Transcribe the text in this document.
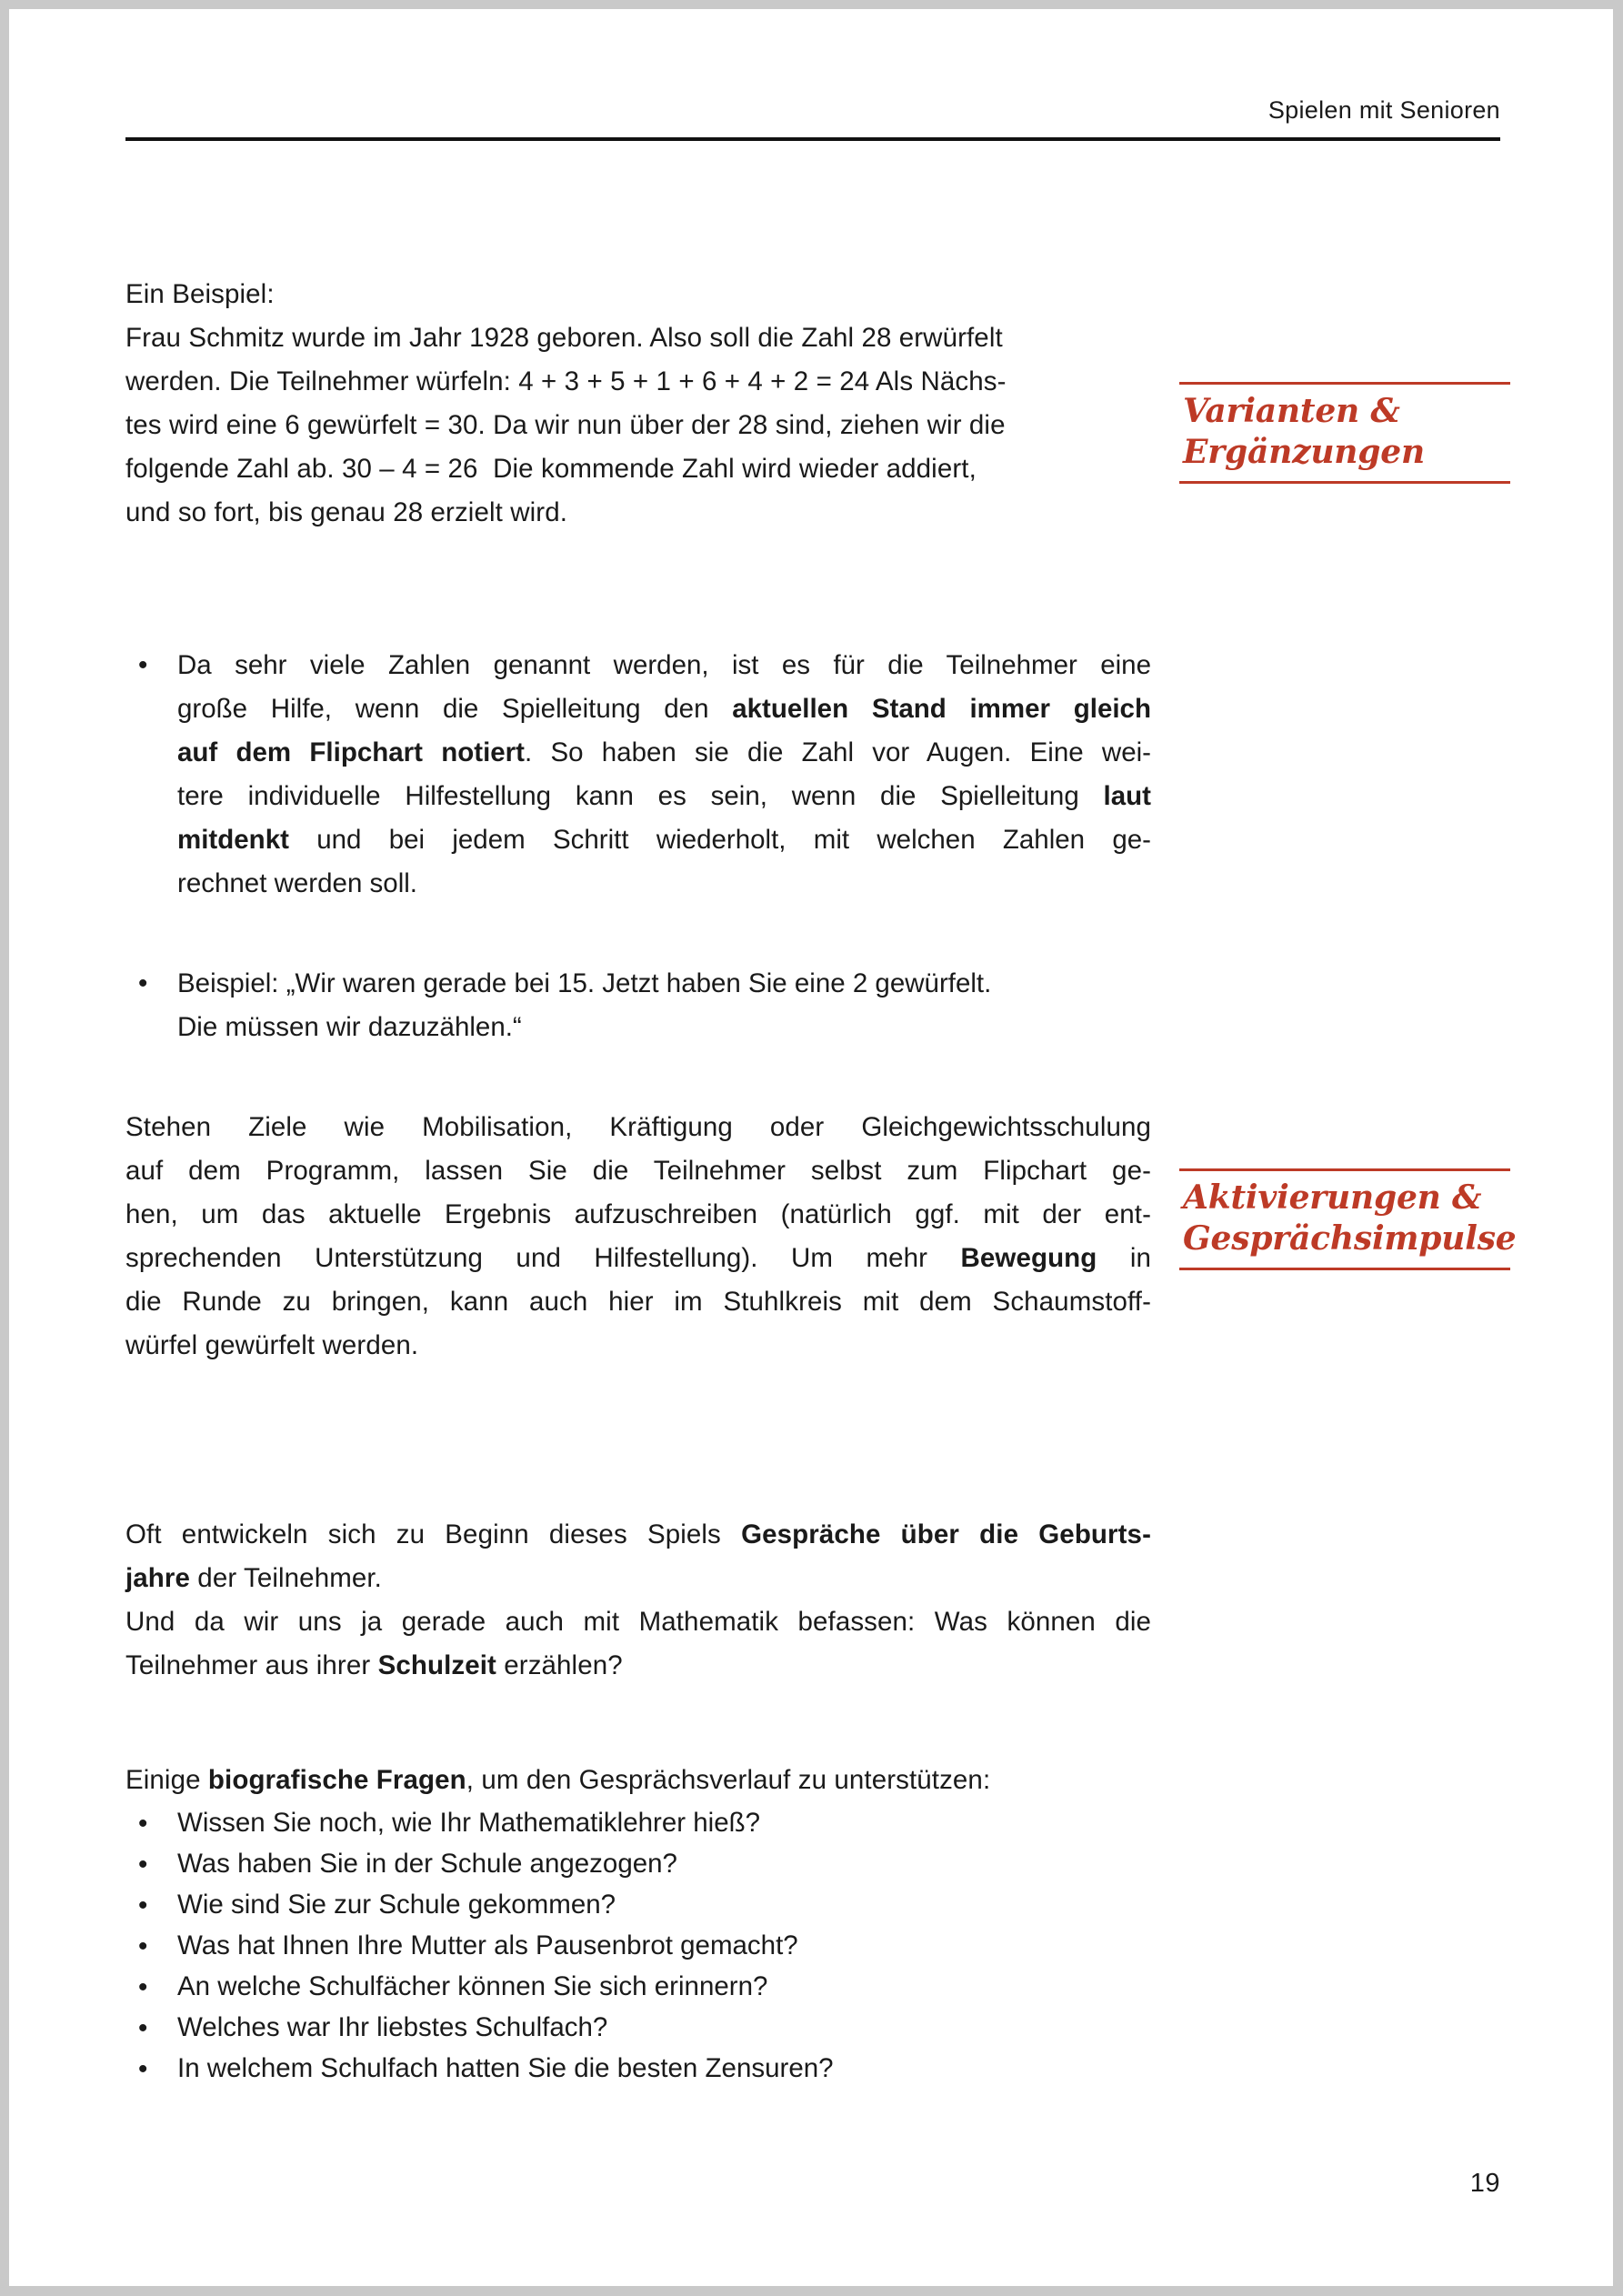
Spielen mit Senioren
Ein Beispiel:
Frau Schmitz wurde im Jahr 1928 geboren. Also soll die Zahl 28 erwürfelt
werden. Die Teilnehmer würfeln: 4 + 3 + 5 + 1 + 6 + 4 + 2 = 24 Als Nächs-
tes wird eine 6 gewürfelt = 30. Da wir nun über der 28 sind, ziehen wir die
folgende Zahl ab. 30 – 4 = 26  Die kommende Zahl wird wieder addiert,
und so fort, bis genau 28 erzielt wird.
• Da sehr viele Zahlen genannt werden, ist es für die Teilnehmer eine
große Hilfe, wenn die Spielleitung den aktuellen Stand immer gleich
auf dem Flipchart notiert. So haben sie die Zahl vor Augen. Eine wei-
tere individuelle Hilfestellung kann es sein, wenn die Spielleitung laut
mitdenkt und bei jedem Schritt wiederholt, mit welchen Zahlen ge-
rechnet werden soll.
• Beispiel: „Wir waren gerade bei 15. Jetzt haben Sie eine 2 gewürfelt.
Die müssen wir dazuzählen.“
Stehen Ziele wie Mobilisation, Kräftigung oder Gleichgewichtsschulung
auf dem Programm, lassen Sie die Teilnehmer selbst zum Flipchart ge-
hen, um das aktuelle Ergebnis aufzuschreiben (natürlich ggf. mit der ent-
sprechenden Unterstützung und Hilfestellung). Um mehr Bewegung in
die Runde zu bringen, kann auch hier im Stuhlkreis mit dem Schaumstoff-
würfel gewürfelt werden.
Oft entwickeln sich zu Beginn dieses Spiels Gespräche über die Geburts-
jahre der Teilnehmer.
Und da wir uns ja gerade auch mit Mathematik befassen: Was können die
Teilnehmer aus ihrer Schulzeit erzählen?
Einige biografische Fragen, um den Gesprächsverlauf zu unterstützen:
• Wissen Sie noch, wie Ihr Mathematiklehrer hieß?
• Was haben Sie in der Schule angezogen?
• Wie sind Sie zur Schule gekommen?
• Was hat Ihnen Ihre Mutter als Pausenbrot gemacht?
• An welche Schulfächer können Sie sich erinnern?
• Welches war Ihr liebstes Schulfach?
• In welchem Schulfach hatten Sie die besten Zensuren?
Varianten &
Ergänzungen
Aktivierungen &
Gesprächsimpulse
19
